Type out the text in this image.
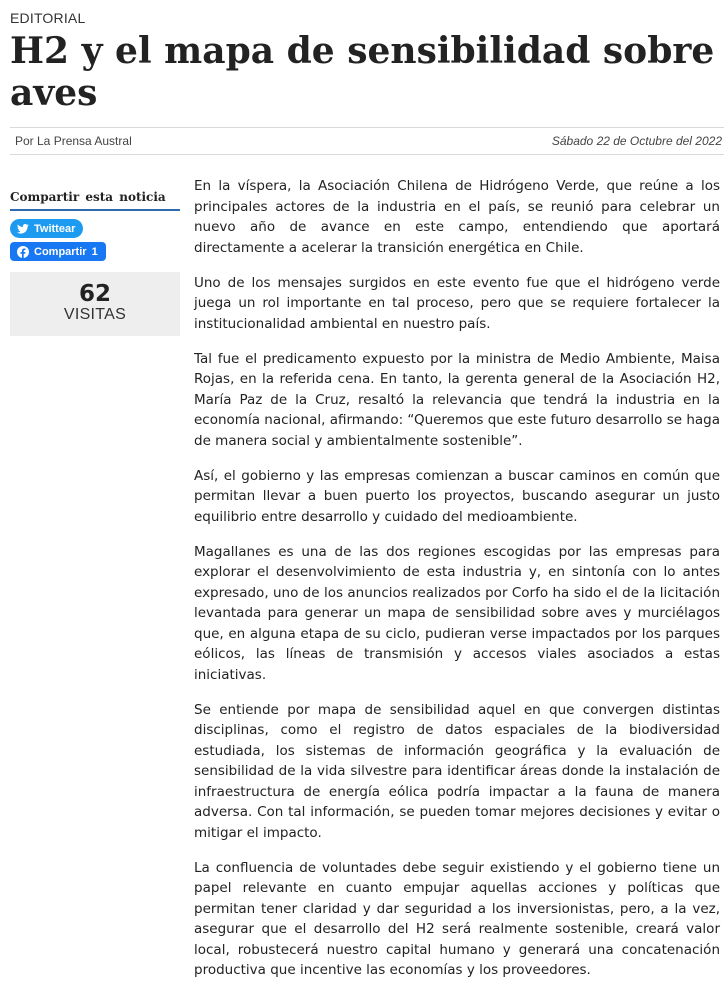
EDITORIAL
H2 y el mapa de sensibilidad sobre aves
Por La Prensa Austral	Sábado 22 de Octubre del 2022
Compartir esta noticia
Twittear
Compartir 1
62
VISITAS

En la víspera, la Asociación Chilena de Hidrógeno Verde, que reúne a los principales actores de la industria en el país, se reunió para celebrar un nuevo año de avance en este campo, entendiendo que aportará directamente a acelerar la transición energética en Chile.

Uno de los mensajes surgidos en este evento fue que el hidrógeno verde juega un rol importante en tal proceso, pero que se requiere fortalecer la institucionalidad ambiental en nuestro país.

Tal fue el predicamento expuesto por la ministra de Medio Ambiente, Maisa Rojas, en la referida cena. En tanto, la gerenta general de la Asociación H2, María Paz de la Cruz, resaltó la relevancia que tendrá la industria en la economía nacional, afirmando: “Queremos que este futuro desarrollo se haga de manera social y ambientalmente sostenible”.

Así, el gobierno y las empresas comienzan a buscar caminos en común que permitan llevar a buen puerto los proyectos, buscando asegurar un justo equilibrio entre desarrollo y cuidado del medioambiente.

Magallanes es una de las dos regiones escogidas por las empresas para explorar el desenvolvimiento de esta industria y, en sintonía con lo antes expresado, uno de los anuncios realizados por Corfo ha sido el de la licitación levantada para generar un mapa de sensibilidad sobre aves y murciélagos que, en alguna etapa de su ciclo, pudieran verse impactados por los parques eólicos, las líneas de transmisión y accesos viales asociados a estas iniciativas.

Se entiende por mapa de sensibilidad aquel en que convergen distintas disciplinas, como el registro de datos espaciales de la biodiversidad estudiada, los sistemas de información geográfica y la evaluación de sensibilidad de la vida silvestre para identificar áreas donde la instalación de infraestructura de energía eólica podría impactar a la fauna de manera adversa. Con tal información, se pueden tomar mejores decisiones y evitar o mitigar el impacto.

La confluencia de voluntades debe seguir existiendo y el gobierno tiene un papel relevante en cuanto empujar aquellas acciones y políticas que permitan tener claridad y dar seguridad a los inversionistas, pero, a la vez, asegurar que el desarrollo del H2 será realmente sostenible, creará valor local, robustecerá nuestro capital humano y generará una concatenación productiva que incentive las economías y los proveedores.
